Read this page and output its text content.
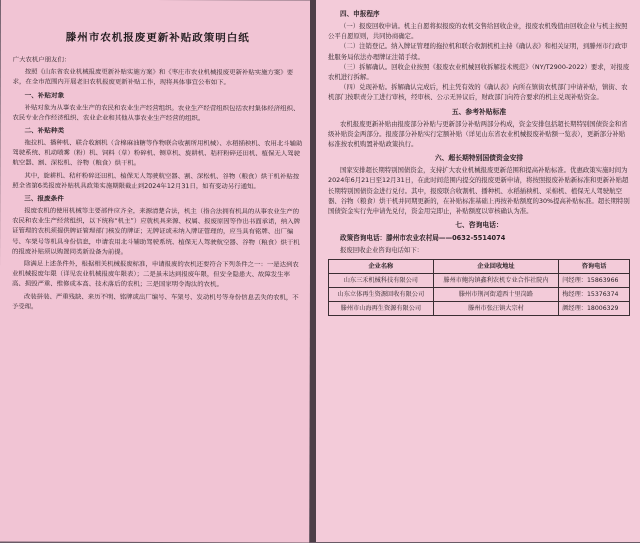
滕州市农机报废更新补贴政策明白纸

广大农机户朋友们：

按照《山东省农业机械报废更新补贴实施方案》和《枣庄市农业机械报废更新补贴实施方案》要求，在全市范围内开展老旧农机报废更新补贴工作，现将具体事宜公布如下。

一、补贴对象

补贴对象为从事农业生产的农民和农业生产经营组织。农业生产经营组织包括农村集体经济组织、农民专业合作经济组织、农业企业和其他从事农业生产经营的组织。

二、补贴种类

拖拉机、播种机、联合收割机（含棉麻油糖等作物联合收割所用机械）、水稻插秧机、农用北斗辅助驾驶系统、机动喷雾（粉）机、饲料（草）粉碎机、铡草机、旋耕机、秸秆粉碎还田机、植保无人驾驶航空器、割、深松机、谷物（粮食）烘干机。

其中，旋耕机、秸秆粉碎还田机、植保无人驾驶航空器、割、深松机、谷物（粮食）烘干机补贴按照全省第6类报废补贴机具政策实施期限截止到2024年12月31日，如有变动另行通知。

三、报废条件

报废农机的使用机械等主要部件应齐全，来源清楚合法，机主（指合法拥有机具的从事农业生产的农民和农业生产经营组织，以下统称“机主”）应就机具来源、权属、报废原因等作出书面承诺，纳入牌证管理的农机须提供牌证管理部门核发的牌证；无牌证或未纳入牌证管理的，应当具有铭牌、出厂编号、车架号等机具身份信息，申请农用北斗辅助驾驶系统、植保无人驾驶航空器、谷物（粮食）烘干机的报废补贴须以购置同类新设备为前提。

除满足上述条件外，根据相关机械报废标准，申请报废的农机还要符合下列条件之一：一是达到农业机械报废年限（详见农业机械报废年限表）；二是虽未达到报废年限，但安全隐患大、故障发生率高、损毁严重、维修成本高、技术落后的农机；三是国家明令淘汰的农机。

改装拼装、严重残缺、来历不明、铭牌或出厂编号、车架号、发动机号等身份信息丢失的农机，不予受理。

四、申报程序

（一）报废回收申请。机主自愿将拟报废的农机交售给回收企业，报废农机残值由回收企业与机主按照公平自愿原则，共同协商确定。

（二）注销登记。纳入牌证管理的拖拉机和联合收割机机主持《确认表》和相关证明，到滕州市行政审批服务局依法办理牌证注销手续。

（三）拆解确认。回收企业按照《报废农业机械回收拆解技术规范》（NY/T2900-2022）要求，对报废农机进行拆解。

（四）兑现补贴。拆解确认完成后，机主凭有效的《确认表》向所在镇街农机部门申请补贴，镇街、农机部门按职责分工进行审核，经审核、公示无异议后，财政部门向符合要求的机主兑现补贴资金。

五、参考补贴标准

农机报废更新补贴由报废部分补贴与更新部分补贴两部分构成，资金安排包括超长期特别国债资金和省级补贴资金两部分。报废部分补贴实行定额补贴（详见山东省农业机械报废补贴额一览表），更新部分补贴标准按农机购置补贴政策执行。

六、超长期特别国债资金安排

国家安排超长期特别国债资金，支持扩大农业机械报废更新范围和提高补贴标准。优惠政策实施时间为2024年6月21日至12月31日，在此时间范围内提交的报废更新申请，将按照报废补贴新标准和更新补贴超长期特别国债资金进行兑付。其中，报废联合收割机、播种机、水稻插秧机、采棉机、植保无人驾驶航空器、谷物（粮食）烘干机并同期更新的，在补贴标准基础上再按补贴额度的30%提高补贴标准。超长期特别国债资金实行先申请先兑付，资金用完即止，补贴额度以审核确认为准。

七、咨询电话：
政策咨询电话：滕州市农业农村局——0632-5514074
报废回收企业咨询电话如下：
企业名称	企业回收地址	咨询电话
山东三禾机械科技有限公司	滕州市鲍沟镇鑫利农机专业合作社院内	闫经理：15863966
山东立体再生资源回收有限公司	滕州市荆河街道西十里岗路	梅经理：15376374
滕州市山海再生资源有限公司	滕州市张汪镇大宗村	颜经理：18006329
